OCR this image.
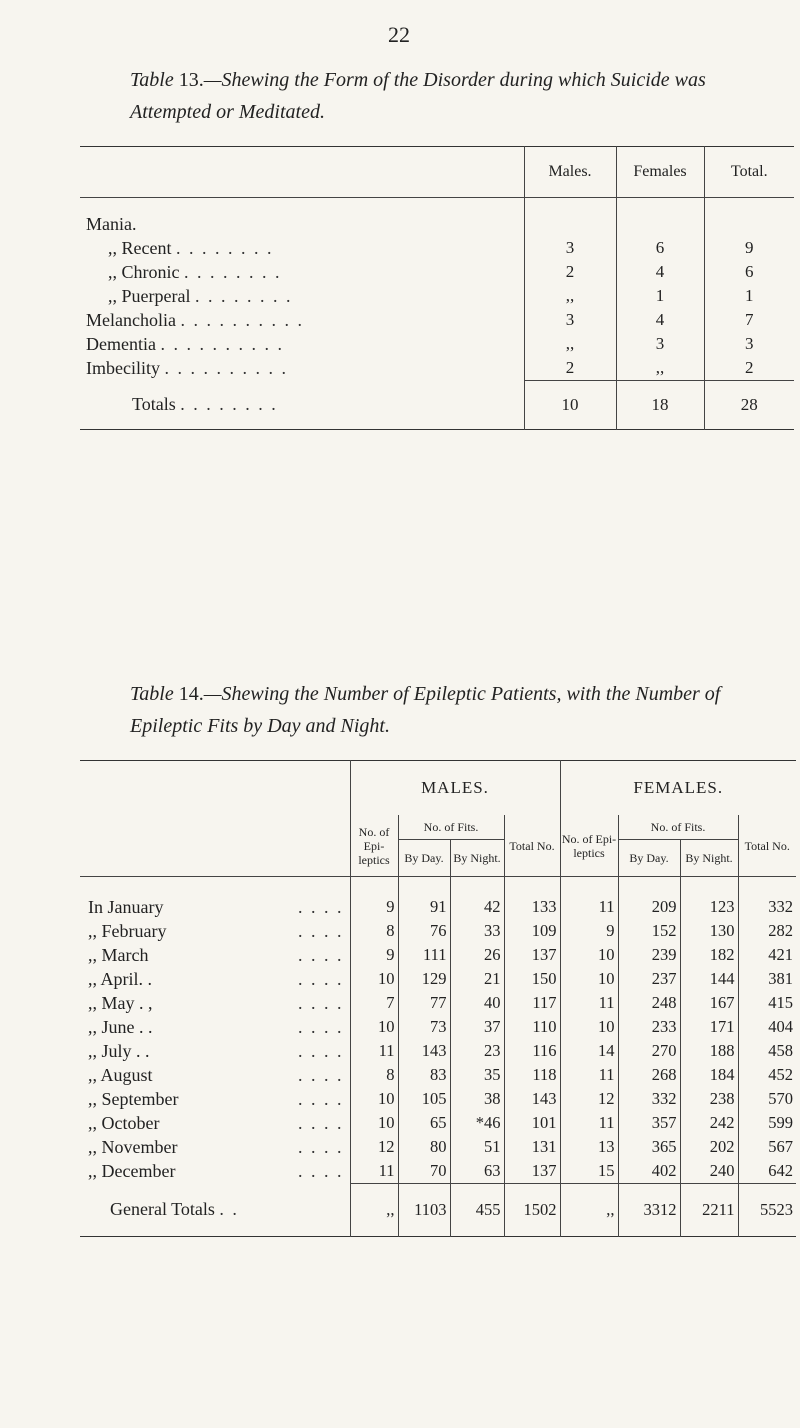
22
Table 13.—Shewing the Form of the Disorder during which Suicide was Attempted or Meditated.
	Males.	Females	Total.
Mania.			
,, Recent . . . . . . . .	3	6	9
,, Chronic . . . . . . . .	2	4	6
,, Puerperal . . . . . . . .	,,	1	1
Melancholia . . . . . . . . . .	3	4	7
Dementia . . . . . . . . . .	,,	3	3
Imbecility . . . . . . . . . .	2	,,	2
Totals . . . . . . . .	10	18	28
Table 14.—Shewing the Number of Epileptic Patients, with the Number of Epileptic Fits by Day and Night.
	MALES.				FEMALES.			
	No. of Epi- leptics	No. of Fits.		Total No.	No. of Epi- leptics	No. of Fits.		Total No.
		By Day.	By Night.			By Day.	By Night.	
In January . . . .	9	91	42	133	11	209	123	332
,, February . . . .	8	76	33	109	9	152	130	282
,, March . . . .	9	111	26	137	10	239	182	421
,, April. . . . . .	10	129	21	150	10	237	144	381
,, May . , . . . .	7	77	40	117	11	248	167	415
,, June . . . . . .	10	73	37	110	10	233	171	404
,, July . . . . . .	11	143	23	116	14	270	188	458
,, August . . . .	8	83	35	118	11	268	184	452
,, September . . . .	10	105	38	143	12	332	238	570
,, October . . . .	10	65	*46	101	11	357	242	599
,, November . . . .	12	80	51	131	13	365	202	567
,, December . . . .	11	70	63	137	15	402	240	642
General Totals . .	,,	1103	455	1502	,,	3312	2211	5523
